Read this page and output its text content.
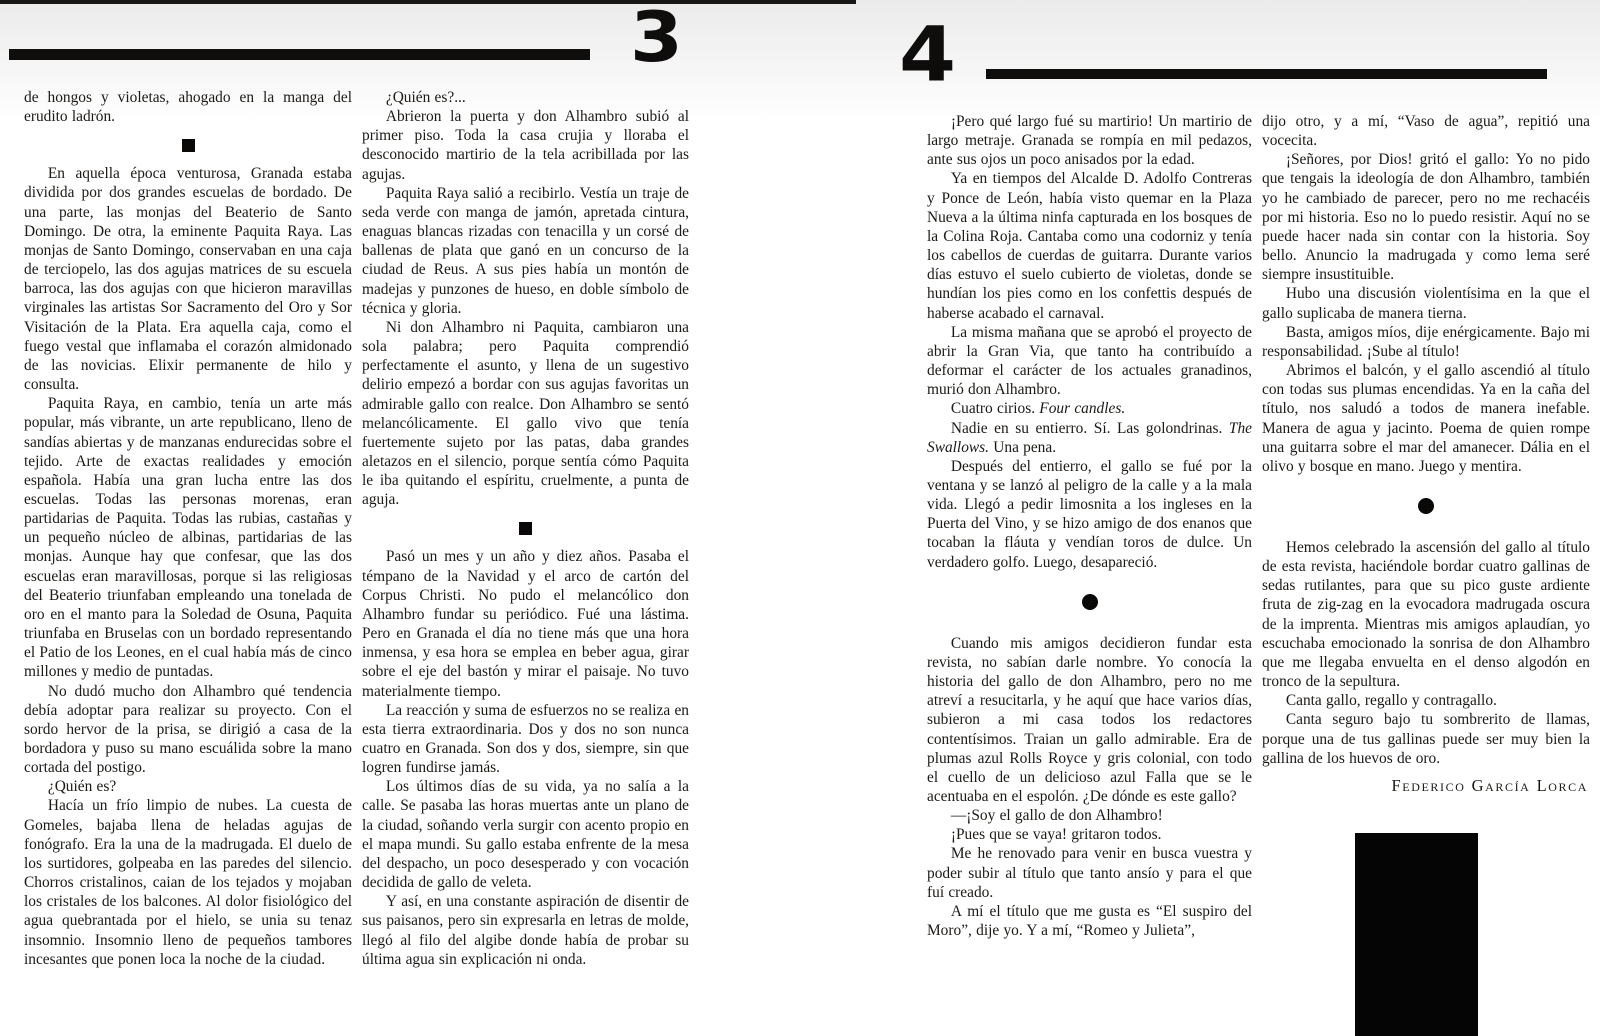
3	4

de hongos y violetas, ahogado en la manga del erudito ladrón.

En aquella época venturosa, Granada estaba dividida por dos grandes escuelas de bordado. De una parte, las monjas del Beaterio de Santo Domingo. De otra, la eminente Paquita Raya. Las monjas de Santo Domingo, conservaban en una caja de terciopelo, las dos agujas matrices de su escuela barroca, las dos agujas con que hicieron maravillas virginales las artistas Sor Sacramento del Oro y Sor Visitación de la Plata. Era aquella caja, como el fuego vestal que inflamaba el corazón almidonado de las novicias. Elixir permanente de hilo y consulta.

Paquita Raya, en cambio, tenía un arte más popular, más vibrante, un arte republicano, lleno de sandías abiertas y de manzanas endurecidas sobre el tejido. Arte de exactas realidades y emoción española. Había una gran lucha entre las dos escuelas. Todas las personas morenas, eran partidarias de Paquita. Todas las rubias, castañas y un pequeño núcleo de albinas, partidarias de las monjas. Aunque hay que confesar, que las dos escuelas eran maravillosas, porque si las religiosas del Beaterio triunfaban empleando una tonelada de oro en el manto para la Soledad de Osuna, Paquita triunfaba en Bruselas con un bordado representando el Patio de los Leones, en el cual había más de cinco millones y medio de puntadas.

No dudó mucho don Alhambro qué tendencia debía adoptar para realizar su proyecto. Con el sordo hervor de la prisa, se dirigió a casa de la bordadora y puso su mano escuálida sobre la mano cortada del postigo.

¿Quién es?

Hacía un frío limpio de nubes. La cuesta de Gomeles, bajaba llena de heladas agujas de fonógrafo. Era la una de la madrugada. El duelo de los surtidores, golpeaba en las paredes del silencio. Chorros cristalinos, caian de los tejados y mojaban los cristales de los balcones. Al dolor fisiológico del agua quebrantada por el hielo, se unia su tenaz insomnio. Insomnio lleno de pequeños tambores incesantes que ponen loca la noche de la ciudad.

¿Quién es?...

Abrieron la puerta y don Alhambro subió al primer piso. Toda la casa crujia y lloraba el desconocido martirio de la tela acribillada por las agujas.

Paquita Raya salió a recibirlo. Vestía un traje de seda verde con manga de jamón, apretada cintura, enaguas blancas rizadas con tenacilla y un corsé de ballenas de plata que ganó en un concurso de la ciudad de Reus. A sus pies había un montón de madejas y punzones de hueso, en doble símbolo de técnica y gloria.

Ni don Alhambro ni Paquita, cambiaron una sola palabra; pero Paquita comprendió perfectamente el asunto, y llena de un sugestivo delirio empezó a bordar con sus agujas favoritas un admirable gallo con realce. Don Alhambro se sentó melancólicamente. El gallo vivo que tenía fuertemente sujeto por las patas, daba grandes aletazos en el silencio, porque sentía cómo Paquita le iba quitando el espíritu, cruelmente, a punta de aguja.

Pasó un mes y un año y diez años. Pasaba el témpano de la Navidad y el arco de cartón del Corpus Christi. No pudo el melancólico don Alhambro fundar su periódico. Fué una lástima. Pero en Granada el día no tiene más que una hora inmensa, y esa hora se emplea en beber agua, girar sobre el eje del bastón y mirar el paisaje. No tuvo materialmente tiempo.

La reacción y suma de esfuerzos no se realiza en esta tierra extraordinaria. Dos y dos no son nunca cuatro en Granada. Son dos y dos, siempre, sin que logren fundirse jamás.

Los últimos días de su vida, ya no salía a la calle. Se pasaba las horas muertas ante un plano de la ciudad, soñando verla surgir con acento propio en el mapa mundi. Su gallo estaba enfrente de la mesa del despacho, un poco desesperado y con vocación decidida de gallo de veleta.

Y así, en una constante aspiración de disentir de sus paisanos, pero sin expresarla en letras de molde, llegó al filo del algibe donde había de probar su última agua sin explicación ni onda.

¡Pero qué largo fué su martirio! Un martirio de largo metraje. Granada se rompía en mil pedazos, ante sus ojos un poco anisados por la edad.

Ya en tiempos del Alcalde D. Adolfo Contreras y Ponce de León, había visto quemar en la Plaza Nueva a la última ninfa capturada en los bosques de la Colina Roja. Cantaba como una codorniz y tenía los cabellos de cuerdas de guitarra. Durante varios días estuvo el suelo cubierto de violetas, donde se hundían los pies como en los confettis después de haberse acabado el carnaval.

La misma mañana que se aprobó el proyecto de abrir la Gran Via, que tanto ha contribuído a deformar el carácter de los actuales granadinos, murió don Alhambro.

Cuatro cirios. Four candles.

Nadie en su entierro. Sí. Las golondrinas. The Swallows. Una pena.

Después del entierro, el gallo se fué por la ventana y se lanzó al peligro de la calle y a la mala vida. Llegó a pedir limosnita a los ingleses en la Puerta del Vino, y se hizo amigo de dos enanos que tocaban la fláuta y vendían toros de dulce. Un verdadero golfo. Luego, desapareció.

Cuando mis amigos decidieron fundar esta revista, no sabían darle nombre. Yo conocía la historia del gallo de don Alhambro, pero no me atreví a resucitarla, y he aquí que hace varios días, subieron a mi casa todos los redactores contentísimos. Traian un gallo admirable. Era de plumas azul Rolls Royce y gris colonial, con todo el cuello de un delicioso azul Falla que se le acentuaba en el espolón. ¿De dónde es este gallo?

—¡Soy el gallo de don Alhambro!

¡Pues que se vaya! gritaron todos.

Me he renovado para venir en busca vuestra y poder subir al título que tanto ansío y para el que fuí creado.

A mí el título que me gusta es “El suspiro del Moro”, dije yo. Y a mí, “Romeo y Julieta”,

dijo otro, y a mí, “Vaso de agua”, repitió una vocecita.

¡Señores, por Dios! gritó el gallo: Yo no pido que tengais la ideología de don Alhambro, también yo he cambiado de parecer, pero no me rechacéis por mi historia. Eso no lo puedo resistir. Aquí no se puede hacer nada sin contar con la historia. Soy bello. Anuncio la madrugada y como lema seré siempre insustituible.

Hubo una discusión violentísima en la que el gallo suplicaba de manera tierna.

Basta, amigos míos, dije enérgicamente. Bajo mi responsabilidad. ¡Sube al título!

Abrimos el balcón, y el gallo ascendió al título con todas sus plumas encendidas. Ya en la caña del título, nos saludó a todos de manera inefable. Manera de agua y jacinto. Poema de quien rompe una guitarra sobre el mar del amanecer. Dália en el olivo y bosque en mano. Juego y mentira.

Hemos celebrado la ascensión del gallo al título de esta revista, haciéndole bordar cuatro gallinas de sedas rutilantes, para que su pico guste ardiente fruta de zig-zag en la evocadora madrugada oscura de la imprenta. Mientras mis amigos aplaudían, yo escuchaba emocionado la sonrisa de don Alhambro que me llegaba envuelta en el denso algodón en tronco de la sepultura.

Canta gallo, regallo y contragallo.

Canta seguro bajo tu sombrerito de llamas, porque una de tus gallinas puede ser muy bien la gallina de los huevos de oro.

Federico García Lorca
